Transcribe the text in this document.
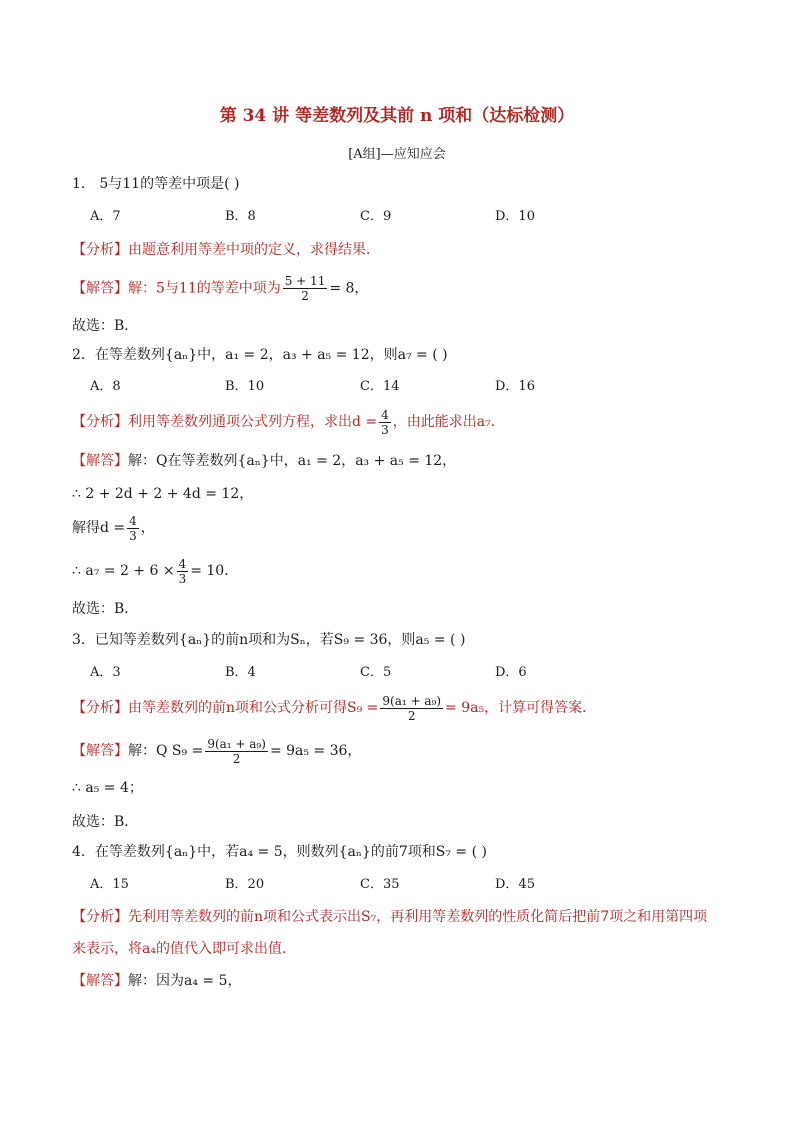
第 34 讲 等差数列及其前 n 项和（达标检测）
[A组]—应知应会
1． 5与11的等差中项是( )
A．7	B．8	C．9	D．10
【分析】由题意利用等差中项的定义，求得结果．
【解答】解：5与11的等差中项为 $\frac{5 + 11}{2} = 8$，
故选：B．
2．在等差数列{aₙ}中，a₁ = 2，a₃ + a₅ = 12，则a₇ = ( )
A．8	B．10	C．14	D．16
【分析】利用等差数列通项公式列方程，求出$d = \frac{4}{3}$ ，由此能求出a₇．
【解答】解：Q在等差数列{aₙ}中，a₁ = 2，a₃ + a₅ = 12，
∴ 2 + 2d + 2 + 4d = 12，
解得$d = \frac{4}{3}$ ，
∴ $a_7 = 2 + 6 \times \frac{4}{3} = 10$．
故选：B．
3．已知等差数列{aₙ}的前n项和为Sₙ，若S₉ = 36，则a₅ = ( )
A．3	B．4	C．5	D．6
【分析】由等差数列的前n项和公式分析可得$S_9 = \frac{\text{9(a₁ + a₉)}}{2} = 9a_5$，计算可得答案．
【解答】解：Q $S_9 = \frac{\text{9(a₁ + a₉)}}{2} = 9a_5 = 36$，
∴ a₅ = 4；
故选：B．
4．在等差数列{aₙ}中，若a₄ = 5，则数列{aₙ}的前7项和S₇ = ( )
A．15	B．20	C．35	D．45
【分析】先利用等差数列的前n项和公式表示出S₇，再利用等差数列的性质化简后把前7项之和用第四项
来表示，将a₄的值代入即可求出值．
【解答】解：因为a₄ = 5，
